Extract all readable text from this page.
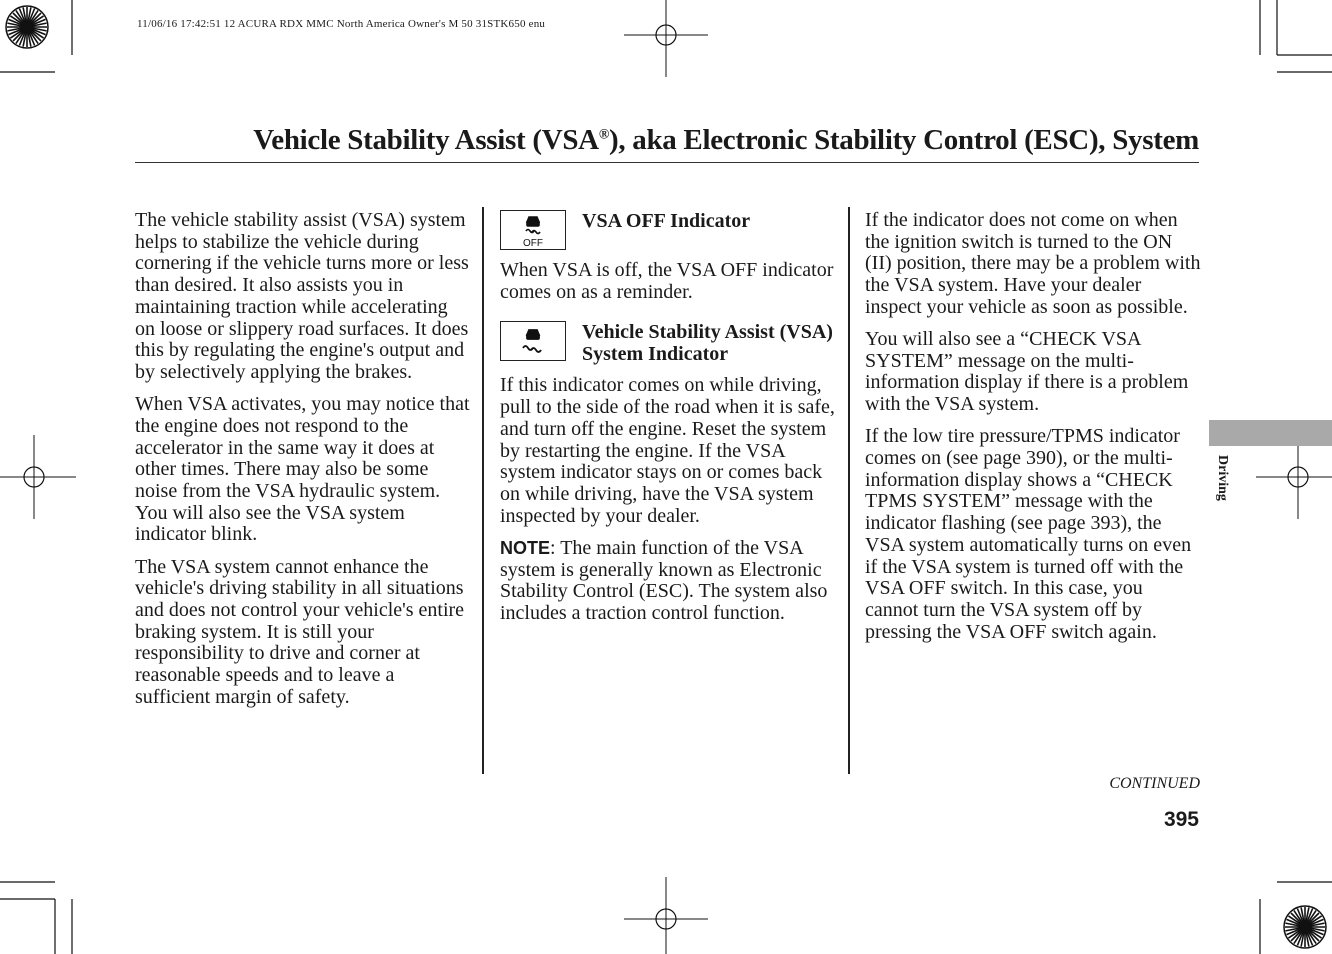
11/06/16 17:42:51 12 ACURA RDX MMC North America Owner's M 50 31STK650 enu
Vehicle Stability Assist (VSA®), aka Electronic Stability Control (ESC), System

The vehicle stability assist (VSA) system helps to stabilize the vehicle during cornering if the vehicle turns more or less than desired. It also assists you in maintaining traction while accelerating on loose or slippery road surfaces. It does this by regulating the engine's output and by selectively applying the brakes.

When VSA activates, you may notice that the engine does not respond to the accelerator in the same way it does at other times. There may also be some noise from the VSA hydraulic system. You will also see the VSA system indicator blink.

The VSA system cannot enhance the vehicle's driving stability in all situations and does not control your vehicle's entire braking system. It is still your responsibility to drive and corner at reasonable speeds and to leave a sufficient margin of safety.

OFF
VSA OFF Indicator

When VSA is off, the VSA OFF indicator comes on as a reminder.

Vehicle Stability Assist (VSA) System Indicator

If this indicator comes on while driving, pull to the side of the road when it is safe, and turn off the engine. Reset the system by restarting the engine. If the VSA system indicator stays on or comes back on while driving, have the VSA system inspected by your dealer.

NOTE: The main function of the VSA system is generally known as Electronic Stability Control (ESC). The system also includes a traction control function.

If the indicator does not come on when the ignition switch is turned to the ON (II) position, there may be a problem with the VSA system. Have your dealer inspect your vehicle as soon as possible.

You will also see a “CHECK VSA SYSTEM” message on the multi-information display if there is a problem with the VSA system.

If the low tire pressure/TPMS indicator comes on (see page 390), or the multi-information display shows a “CHECK TPMS SYSTEM” message with the indicator flashing (see page 393), the VSA system automatically turns on even if the VSA system is turned off with the VSA OFF switch. In this case, you cannot turn the VSA system off by pressing the VSA OFF switch again.

Driving
CONTINUED
395
